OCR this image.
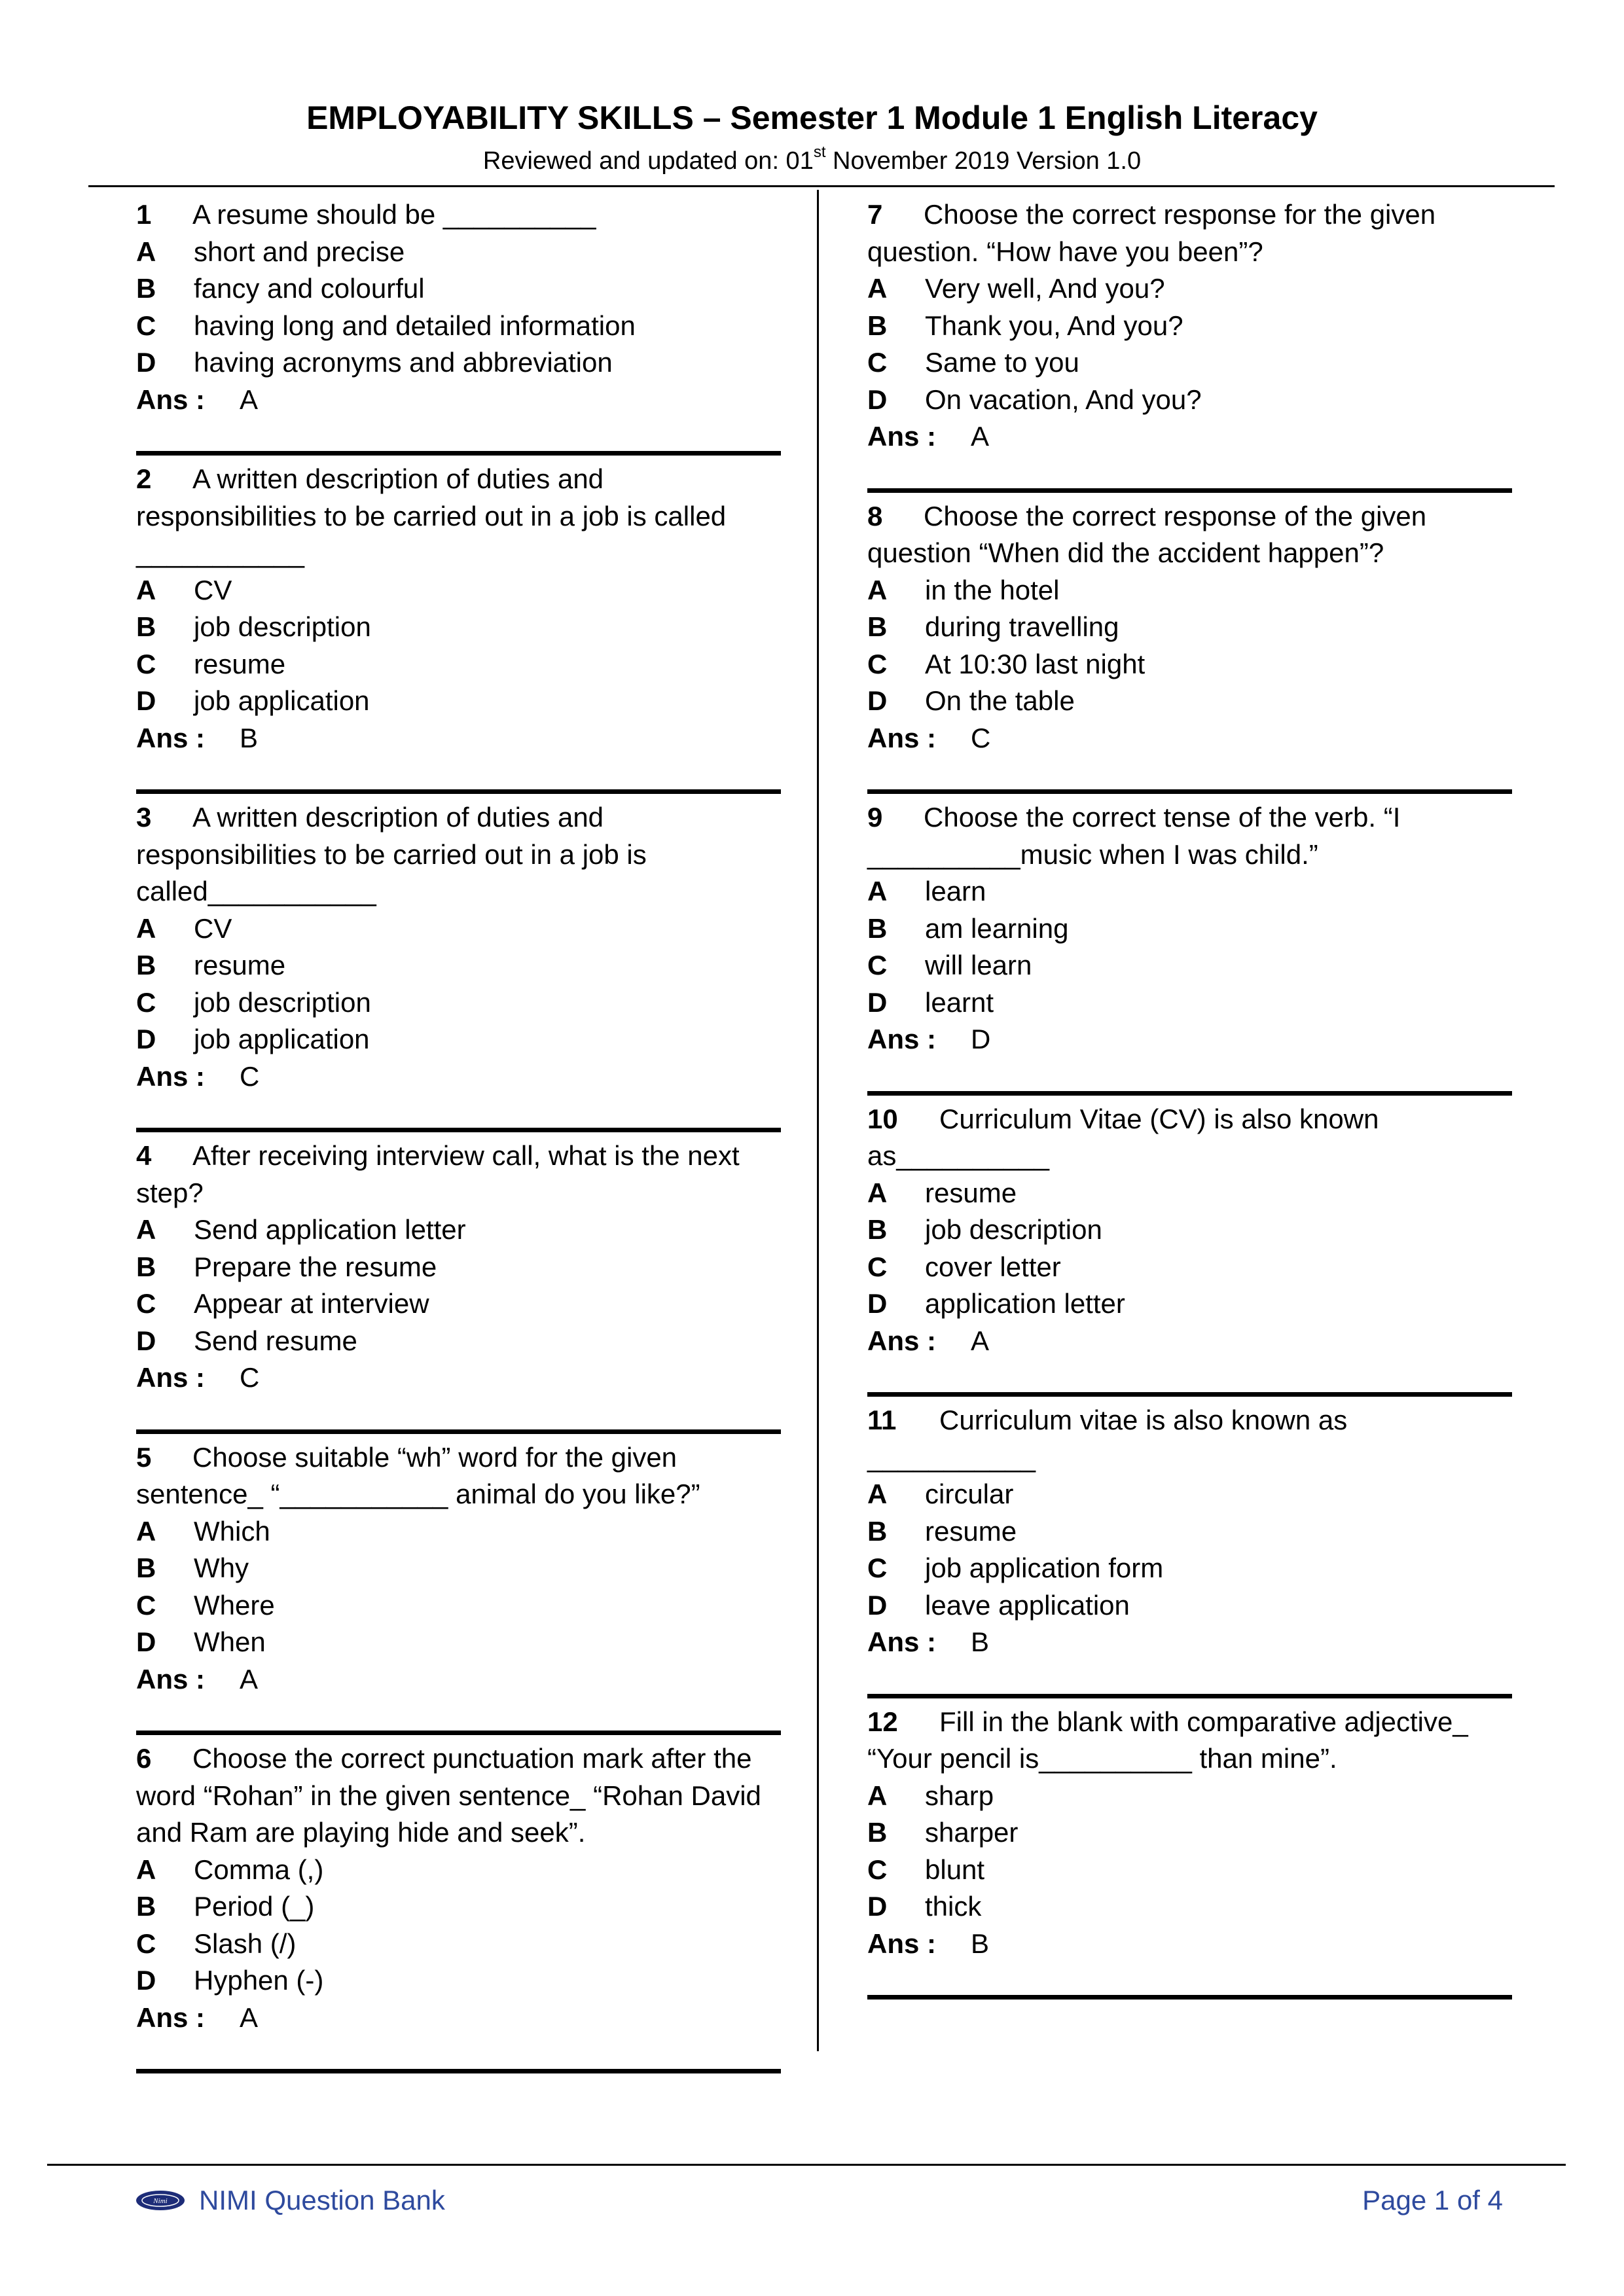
EMPLOYABILITY SKILLS – Semester 1 Module 1 English Literacy
Reviewed and updated on: 01st November 2019 Version 1.0
1 A resume should be __________
A short and precise
B fancy and colourful
C having long and detailed information
D having acronyms and abbreviation
Ans : A
2 A written description of duties and
responsibilities to be carried out in a job is called
___________
A CV
B job description
C resume
D job application
Ans : B
3 A written description of duties and
responsibilities to be carried out in a job is
called___________
A CV
B resume
C job description
D job application
Ans : C
4 After receiving interview call, what is the next
step?
A Send application letter
B Prepare the resume
C Appear at interview
D Send resume
Ans : C
5 Choose suitable “wh” word for the given
sentence_ “___________ animal do you like?”
A Which
B Why
C Where
D When
Ans : A
6 Choose the correct punctuation mark after the
word “Rohan” in the given sentence_ “Rohan David
and Ram are playing hide and seek”.
A Comma (,)
B Period (_)
C Slash (/)
D Hyphen (-)
Ans : A
7 Choose the correct response for the given
question. “How have you been”?
A Very well, And you?
B Thank you, And you?
C Same to you
D On vacation, And you?
Ans : A
8 Choose the correct response of the given
question “When did the accident happen”?
A in the hotel
B during travelling
C At 10:30 last night
D On the table
Ans : C
9 Choose the correct tense of the verb. “I
__________music when I was child.”
A learn
B am learning
C will learn
D learnt
Ans : D
10 Curriculum Vitae (CV) is also known
as__________
A resume
B job description
C cover letter
D application letter
Ans : A
11 Curriculum vitae is also known as
___________
A circular
B resume
C job application form
D leave application
Ans : B
12 Fill in the blank with comparative adjective_
“Your pencil is__________ than mine”.
A sharp
B sharper
C blunt
D thick
Ans : B
Nimi NIMI Question Bank	Page 1 of 4
